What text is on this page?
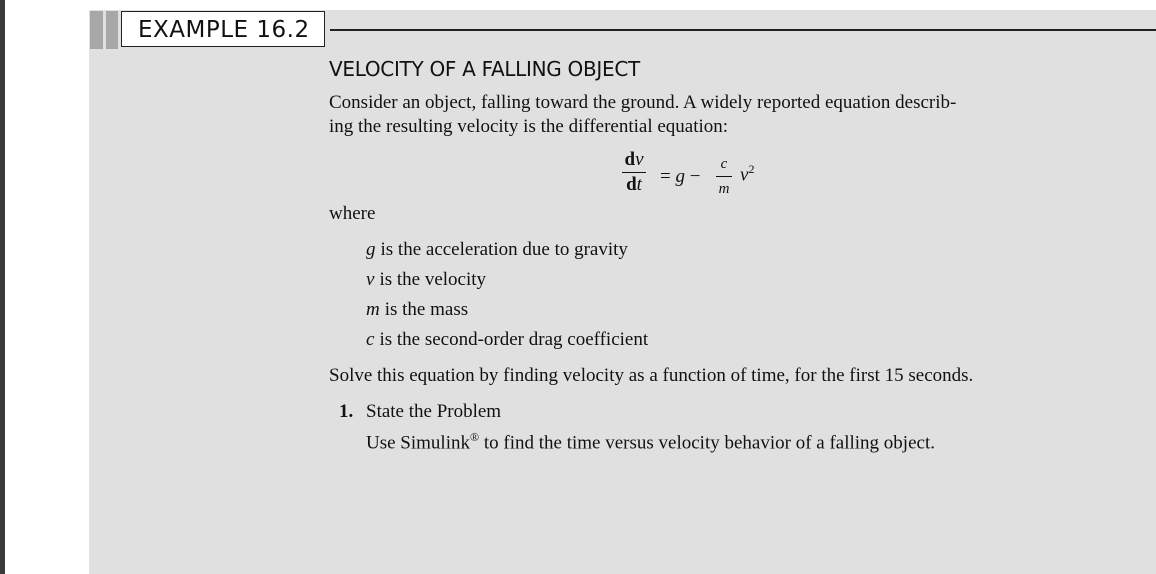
EXAMPLE 16.2
VELOCITY OF A FALLING OBJECT
Consider an object, falling toward the ground. A widely reported equation describ-
ing the resulting velocity is the differential equation:
dv
dt = g −
c
m
$v^2$
where
g is the acceleration due to gravity
v is the velocity
m is the mass
c is the second-order drag coefficient
Solve this equation by finding velocity as a function of time, for the first 15 seconds.
1. State the Problem
Use Simulink® to find the time versus velocity behavior of a falling object.
